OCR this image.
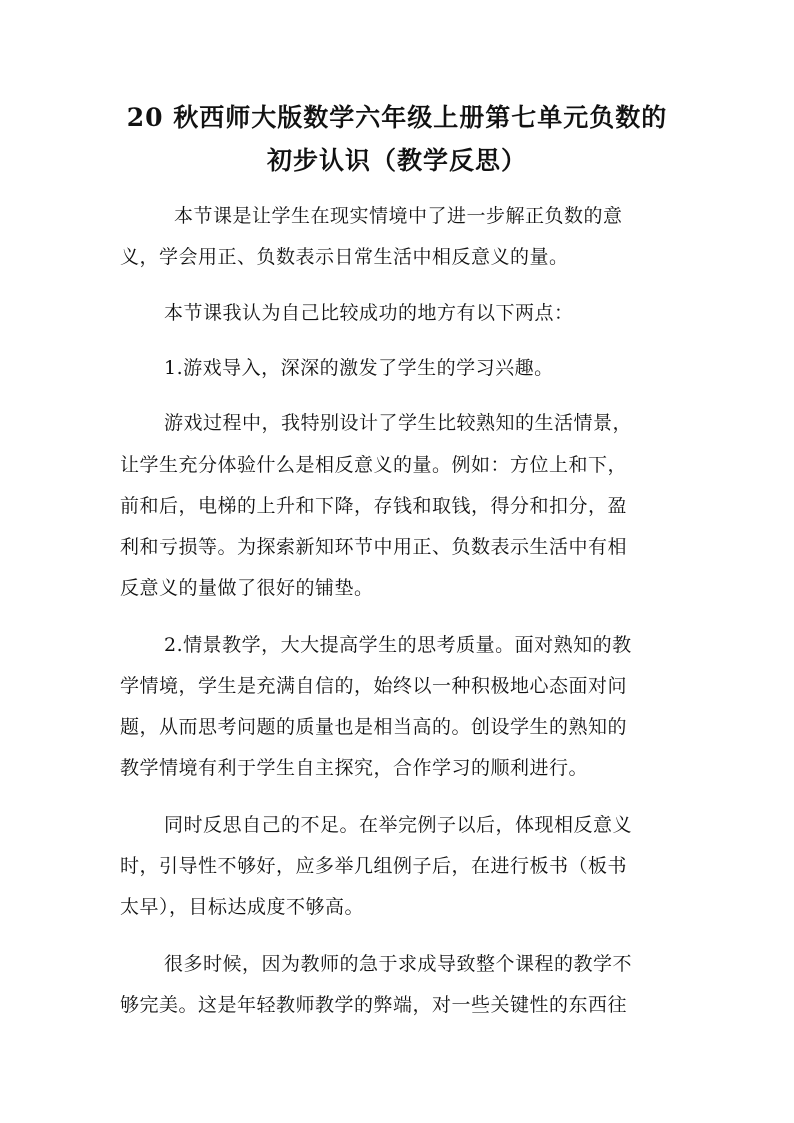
20 秋西师大版数学六年级上册第七单元负数的
初步认识（教学反思）
本节课是让学生在现实情境中了进一步解正负数的意
义，学会用正、负数表示日常生活中相反意义的量。
本节课我认为自己比较成功的地方有以下两点：
1.游戏导入，深深的激发了学生的学习兴趣。
游戏过程中，我特别设计了学生比较熟知的生活情景，
让学生充分体验什么是相反意义的量。例如：方位上和下，
前和后，电梯的上升和下降，存钱和取钱，得分和扣分，盈
利和亏损等。为探索新知环节中用正、负数表示生活中有相
反意义的量做了很好的铺垫。
2.情景教学，大大提高学生的思考质量。面对熟知的教
学情境，学生是充满自信的，始终以一种积极地心态面对问
题，从而思考问题的质量也是相当高的。创设学生的熟知的
教学情境有利于学生自主探究，合作学习的顺利进行。
同时反思自己的不足。在举完例子以后，体现相反意义
时，引导性不够好，应多举几组例子后，在进行板书（板书
太早），目标达成度不够高。
很多时候，因为教师的急于求成导致整个课程的教学不
够完美。这是年轻教师教学的弊端，对一些关键性的东西往
